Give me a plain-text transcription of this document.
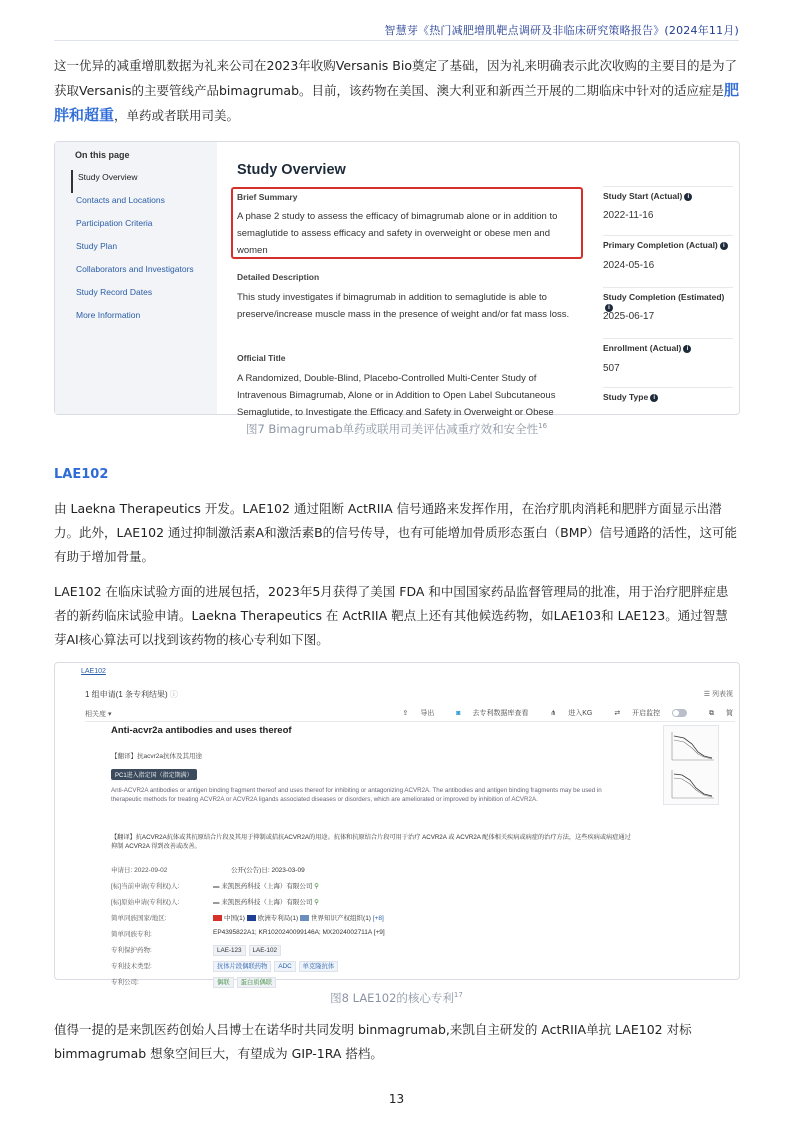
智慧芽《热门减肥增肌靶点调研及非临床研究策略报告》(2024年11月)

这一优异的减重增肌数据为礼来公司在2023年收购Versanis Bio奠定了基础，因为礼来明确表示此次收购的主要目的是为了获取Versanis的主要管线产品bimagrumab。目前，该药物在美国、澳大利亚和新西兰开展的二期临床中针对的适应症是肥胖和超重，单药或者联用司美。

On this page
Study Overview
Contacts and Locations
Participation Criteria
Study Plan
Collaborators and Investigators
Study Record Dates
More Information
Study Overview
Brief Summary
A phase 2 study to assess the efficacy of bimagrumab alone or in addition to semaglutide to assess efficacy and safety in overweight or obese men and women
Detailed Description
This study investigates if bimagrumab in addition to semaglutide is able to preserve/increase muscle mass in the presence of weight and/or fat mass loss.
Official Title
A Randomized, Double-Blind, Placebo-Controlled Multi-Center Study of Intravenous Bimagrumab, Alone or in Addition to Open Label Subcutaneous Semaglutide, to Investigate the Efficacy and Safety in Overweight or Obese
Study Start (Actual) i
2022-11-16
Primary Completion (Actual) i
2024-05-16
Study Completion (Estimated)i
2025-06-17
Enrollment (Actual) i
507
Study Type i
图7 Bimagrumab单药或联用司美评估减重疗效和安全性$^{16}$
LAE102

由 Laekna Therapeutics 开发。LAE102 通过阻断 ActRIIA 信号通路来发挥作用，在治疗肌肉消耗和肥胖方面显示出潜力。此外，LAE102 通过抑制激活素A和激活素B的信号传导，也有可能增加骨质形态蛋白（BMP）信号通路的活性，这可能有助于增加骨量。

LAE102 在临床试验方面的进展包括，2023年5月获得了美国 FDA 和中国国家药品监督管理局的批准，用于治疗肥胖症患者的新药临床试验申请。Laekna Therapeutics 在 ActRIIA 靶点上还有其他候选药物，如LAE103和 LAE123。通过智慧芽AI核心算法可以找到该药物的核心专利如下图。

LAE102
1 组申请(1 条专利结果) ⓘ	☰ 列表视
相关度 ▾	⇪ 导出	◙ 去专利数据库查看	⋔ 进入KG	⇄ 开启监控	⧉ 简
Anti-acvr2a antibodies and uses thereof
【翻译】抗acvr2a抗体及其用途
PC1进入指定国（指定期满）
Anti-ACVR2A antibodies or antigen binding fragment thereof and uses thereof for inhibiting or antagonizing ACVR2A. The antibodies and antigen binding fragments may be used in therapeutic methods for treating ACVR2A or ACVR2A ligands associated diseases or disorders, which are ameliorated or improved by inhibition of ACVR2A.
【翻译】抗ACVR2A抗体或其抗原结合片段及其用于抑制或拮抗ACVR2A的用途。抗体和抗原结合片段可用于治疗 ACVR2A 或 ACVR2A 配体相关疾病或病症的治疗方法，这些疾病或病症通过抑制 ACVR2A 得到改善或改善。
申请日: 2022-09-02	公开(公告)日: 2023-03-09
[标]当前申请(专利权)人:	▬ 来凯医药科技（上海）有限公司 ⚲
[标]原始申请(专利权)人:	▬ 来凯医药科技（上海）有限公司 ⚲
简单同族国家/地区:	中国(1) 欧洲专利局(1) 世界知识产权组织(1) [+8]
简单同族专利:	EP4395822A1; KR1020240099146A; MX2024002711A [+9]
专利保护药物:	LAE-123 LAE-102
专利技术类型:	抗体片段偶联药物 ADC 单克隆抗体
专利公司:	偶联 蛋白质偶联
图8 LAE102的核心专利$^{17}$

值得一提的是来凯医药创始人吕博士在诺华时共同发明 binmagrumab,来凯自主研发的 ActRIIA单抗 LAE102 对标 bimmagrumab 想象空间巨大，有望成为 GIP-1RA 搭档。

13
